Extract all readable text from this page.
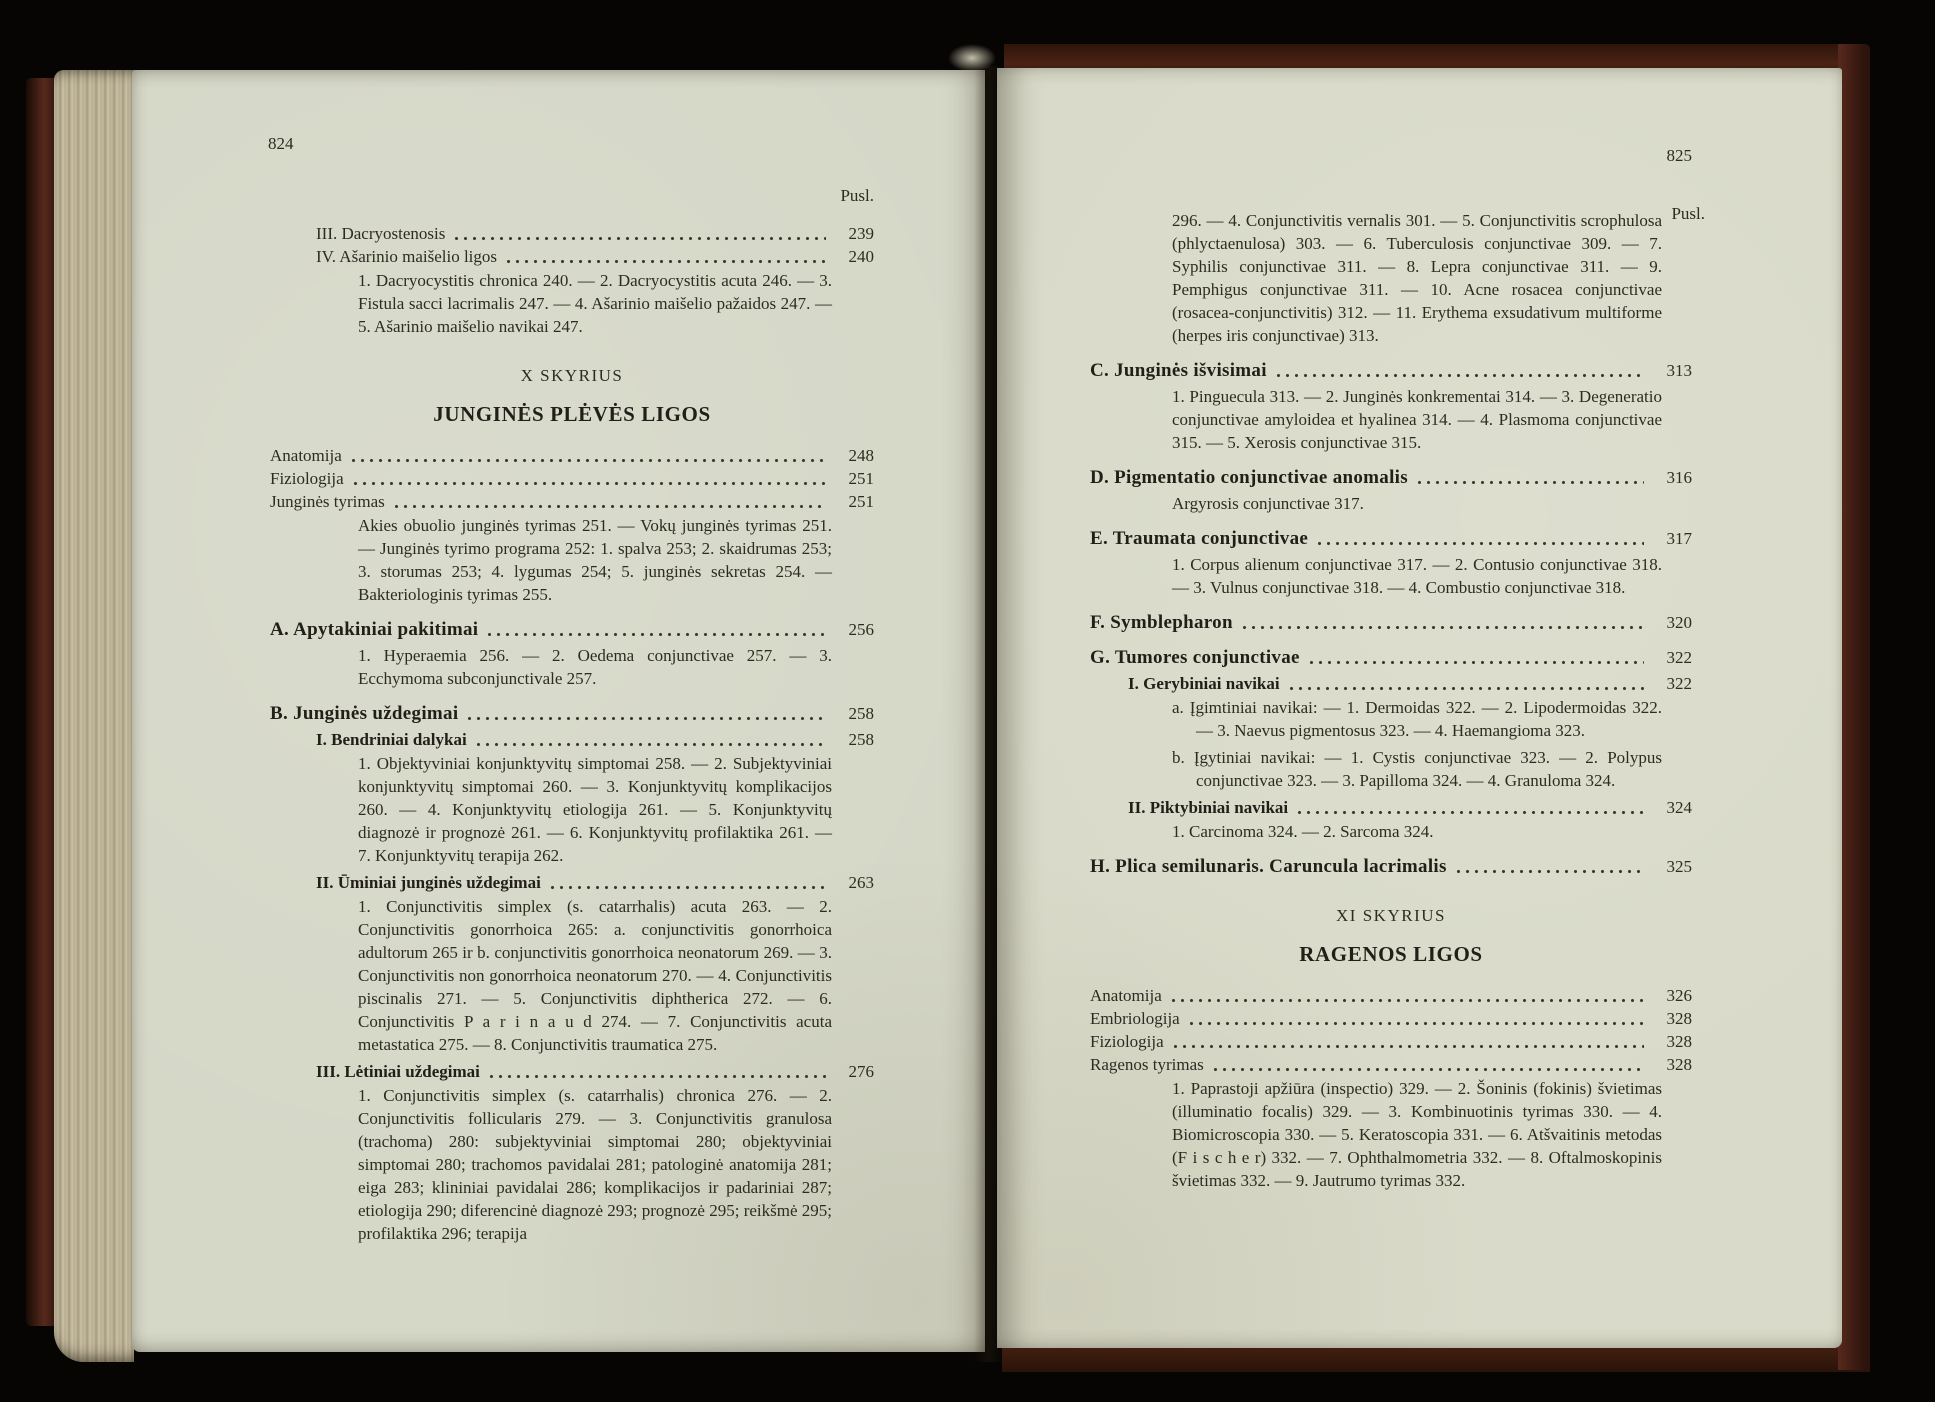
824
Pusl.
III. Dacryostenosis	239
IV. Ašarinio maišelio ligos	240
1. Dacryocystitis chronica 240. — 2. Dacryocystitis acuta 246. — 3. Fistula sacci lacrimalis 247. — 4. Ašarinio maišelio pažaidos 247. — 5. Ašarinio maišelio navikai 247.
X SKYRIUS
JUNGINĖS PLĖVĖS LIGOS
Anatomija	248
Fiziologija	251
Junginės tyrimas	251
Akies obuolio junginės tyrimas 251. — Vokų junginės tyrimas 251. — Junginės tyrimo programa 252: 1. spalva 253; 2. skaidrumas 253; 3. storumas 253; 4. lygumas 254; 5. junginės sekretas 254. — Bakteriologinis tyrimas 255.
A. Apytakiniai pakitimai	256
1. Hyperaemia 256. — 2. Oedema conjunctivae 257. — 3. Ecchymoma subconjunctivale 257.
B. Junginės uždegimai	258
I. Bendriniai dalykai	258
1. Objektyviniai konjunktyvitų simptomai 258. — 2. Subjektyviniai konjunktyvitų simptomai 260. — 3. Konjunktyvitų komplikacijos 260. — 4. Konjunktyvitų etiologija 261. — 5. Konjunktyvitų diagnozė ir prognozė 261. — 6. Konjunktyvitų profilaktika 261. — 7. Konjunktyvitų terapija 262.
II. Ūminiai junginės uždegimai	263
1. Conjunctivitis simplex (s. catarrhalis) acuta 263. — 2. Conjunctivitis gonorrhoica 265: a. conjunctivitis gonorrhoica adultorum 265 ir b. conjunctivitis gonorrhoica neonatorum 269. — 3. Conjunctivitis non gonorrhoica neonatorum 270. — 4. Conjunctivitis piscinalis 271. — 5. Conjunctivitis diphtherica 272. — 6. Conjunctivitis P a r i n a u d 274. — 7. Conjunctivitis acuta metastatica 275. — 8. Conjunctivitis traumatica 275.
III. Lėtiniai uždegimai	276
1. Conjunctivitis simplex (s. catarrhalis) chronica 276. — 2. Conjunctivitis follicularis 279. — 3. Conjunctivitis granulosa (trachoma) 280: subjektyviniai simptomai 280; objektyviniai simptomai 280; trachomos pavidalai 281; patologinė anatomija 281; eiga 283; klininiai pavidalai 286; komplikacijos ir padariniai 287; etiologija 290; diferencinė diagnozė 293; prognozė 295; reikšmė 295; profilaktika 296; terapija
825
Pusl.
296. — 4. Conjunctivitis vernalis 301. — 5. Conjunctivitis scrophulosa (phlyctaenulosa) 303. — 6. Tuberculosis conjunctivae 309. — 7. Syphilis conjunctivae 311. — 8. Lepra conjunctivae 311. — 9. Pemphigus conjunctivae 311. — 10. Acne rosacea conjunctivae (rosacea-conjunctivitis) 312. — 11. Erythema exsudativum multiforme (herpes iris conjunctivae) 313.
C. Junginės išvisimai	313
1. Pinguecula 313. — 2. Junginės konkrementai 314. — 3. Degeneratio conjunctivae amyloidea et hyalinea 314. — 4. Plasmoma conjunctivae 315. — 5. Xerosis conjunctivae 315.
D. Pigmentatio conjunctivae anomalis	316
Argyrosis conjunctivae 317.
E. Traumata conjunctivae	317
1. Corpus alienum conjunctivae 317. — 2. Contusio conjunctivae 318. — 3. Vulnus conjunctivae 318. — 4. Combustio conjunctivae 318.
F. Symblepharon	320
G. Tumores conjunctivae	322
I. Gerybiniai navikai	322
a. Įgimtiniai navikai: — 1. Dermoidas 322. — 2. Lipodermoidas 322. — 3. Naevus pigmentosus 323. — 4. Haemangioma 323.
b. Įgytiniai navikai: — 1. Cystis conjunctivae 323. — 2. Polypus conjunctivae 323. — 3. Papilloma 324. — 4. Granuloma 324.
II. Piktybiniai navikai	324
1. Carcinoma 324. — 2. Sarcoma 324.
H. Plica semilunaris. Caruncula lacrimalis	325
XI SKYRIUS
RAGENOS LIGOS
Anatomija	326
Embriologija	328
Fiziologija	328
Ragenos tyrimas	328
1. Paprastoji apžiūra (inspectio) 329. — 2. Šoninis (fokinis) švietimas (illuminatio focalis) 329. — 3. Kombinuotinis tyrimas 330. — 4. Biomicroscopia 330. — 5. Keratoscopia 331. — 6. Atšvaitinis metodas (F i s c h e r) 332. — 7. Ophthalmometria 332. — 8. Oftalmoskopinis švietimas 332. — 9. Jautrumo tyrimas 332.
